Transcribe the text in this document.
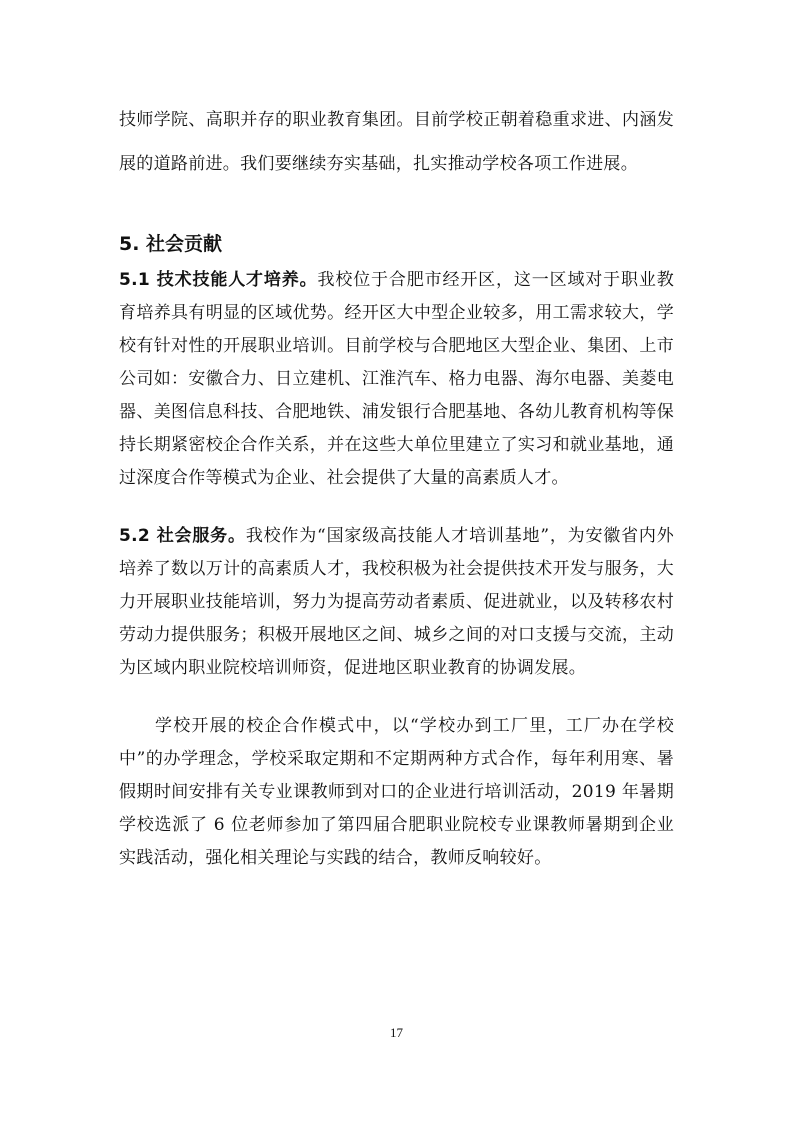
技师学院、高职并存的职业教育集团。目前学校正朝着稳重求进、内涵发展的道路前进。我们要继续夯实基础，扎实推动学校各项工作进展。

5. 社会贡献

5.1 技术技能人才培养。我校位于合肥市经开区，这一区域对于职业教育培养具有明显的区域优势。经开区大中型企业较多，用工需求较大，学校有针对性的开展职业培训。目前学校与合肥地区大型企业、集团、上市公司如：安徽合力、日立建机、江淮汽车、格力电器、海尔电器、美菱电器、美图信息科技、合肥地铁、浦发银行合肥基地、各幼儿教育机构等保持长期紧密校企合作关系，并在这些大单位里建立了实习和就业基地，通过深度合作等模式为企业、社会提供了大量的高素质人才。

5.2 社会服务。我校作为“国家级高技能人才培训基地”，为安徽省内外培养了数以万计的高素质人才，我校积极为社会提供技术开发与服务，大力开展职业技能培训，努力为提高劳动者素质、促进就业，以及转移农村劳动力提供服务；积极开展地区之间、城乡之间的对口支援与交流，主动为区域内职业院校培训师资，促进地区职业教育的协调发展。

学校开展的校企合作模式中，以“学校办到工厂里，工厂办在学校中”的办学理念，学校采取定期和不定期两种方式合作，每年利用寒、暑假期时间安排有关专业课教师到对口的企业进行培训活动，2019 年暑期学校选派了 6 位老师参加了第四届合肥职业院校专业课教师暑期到企业实践活动，强化相关理论与实践的结合，教师反响较好。

17
